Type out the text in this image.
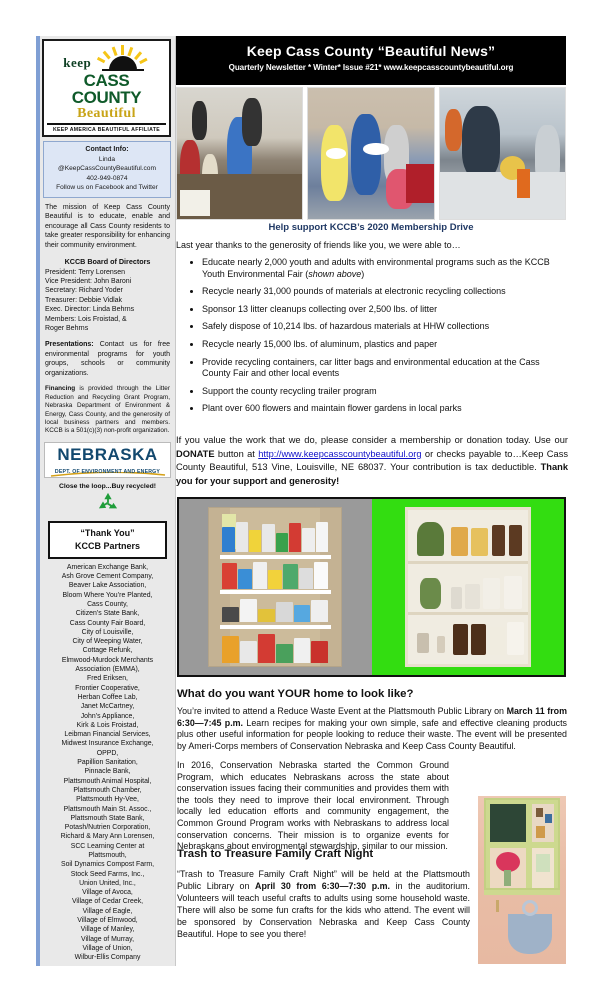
keep
CASS COUNTY
Beautiful
KEEP AMERICA BEAUTIFUL AFFILIATE
Contact Info:
Linda
@KeepCassCountyBeautiful.com
402-949-0874
Follow us on Facebook and Twitter
The mission of Keep Cass County Beautiful is to educate, enable and encourage all Cass County residents to take greater responsibility for enhancing their community environment.
KCCB Board of Directors
President: Terry Lorensen
Vice President: John Baroni
Secretary: Richard Yoder
Treasurer: Debbie Vidlak
Exec. Director: Linda Behrns
Members: Lois Froistad, &
Roger Behrns
Presentations: Contact us for free environmental programs for youth groups, schools or community organizations.
Financing is provided through the Litter Reduction and Recycling Grant Program, Nebraska Department of Environment & Energy, Cass County, and the generosity of local business partners and members. KCCB is a 501(c)(3) non-profit organization.
NEBRASKA
DEPT. OF ENVIRONMENT AND ENERGY
Close the loop...Buy recycled!
“Thank You”
KCCB Partners
American Exchange Bank,
Ash Grove Cement Company,
Beaver Lake Association,
Bloom Where You’re Planted,
Cass County,
Citizen’s State Bank,
Cass County Fair Board,
City of Louisville,
City of Weeping Water,
Cottage Refunk,
Elmwood-Murdock Merchants
Association (EMMA),
Fred Eriksen,
Frontier Cooperative,
Herban Coffee Lab,
Janet McCartney,
John’s Appliance,
Kirk & Lois Froistad,
Leibman Financial Services,
Midwest Insurance Exchange,
OPPD,
Papillion Sanitation,
Pinnacle Bank,
Plattsmouth Animal Hospital,
Plattsmouth Chamber,
Plattsmouth Hy-Vee,
Plattsmouth Main St. Assoc.,
Plattsmouth State Bank,
Potash/Nutrien Corporation,
Richard & Mary Ann Lorensen,
SCC Learning Center at
Plattsmouth,
Soil Dynamics Compost Farm,
Stock Seed Farms, Inc.,
Union United, Inc.,
Village of Avoca,
Village of Cedar Creek,
Village of Eagle,
Village of Elmwood,
Village of Manley,
Village of Murray,
Village of Union,
Wilbur-Ellis Company
Keep Cass County “Beautiful News”
Quarterly Newsletter * Winter* Issue #21* www.keepcasscountybeautiful.org
Help support KCCB’s 2020 Membership Drive
Last year thanks to the generosity of friends like you, we were able to…
• Educate nearly 2,000 youth and adults with environmental programs such as the KCCB Youth Environmental Fair (shown above)
• Recycle nearly 31,000 pounds of materials at electronic recycling collections
• Sponsor 13 litter cleanups collecting over 2,500 lbs. of litter
• Safely dispose of 10,214 lbs. of hazardous materials at HHW collections
• Recycle nearly 15,000 lbs. of aluminum, plastics and paper
• Provide recycling containers, car litter bags and environmental education at the Cass County Fair and other local events
• Support the county recycling trailer program
• Plant over 600 flowers and maintain flower gardens in local parks
If you value the work that we do, please consider a membership or donation today. Use our DONATE button at http://www.keepcasscountybeautiful.org or checks payable to…Keep Cass County Beautiful, 513 Vine, Louisville, NE 68037. Your contribution is tax deductible. Thank you for your support and generosity!
What do you want YOUR home to look like?
You’re invited to attend a Reduce Waste Event at the Plattsmouth Public Library on March 11 from 6:30—7:45 p.m. Learn recipes for making your own simple, safe and effective cleaning products plus other useful information for people looking to reduce their waste. The event will be presented by Ameri-Corps members of Conservation Nebraska and Keep Cass County Beautiful.
In 2016, Conservation Nebraska started the Common Ground Program, which educates Nebraskans across the state about conservation issues facing their communities and provides them with the tools they need to improve their local environment. Through locally led education efforts and community engagement, the Common Ground Program works with Nebraskans to address local conservation concerns. Their mission is to organize events for Nebraskans about environmental stewardship, similar to our mission.
Trash to Treasure Family Craft Night
“Trash to Treasure Family Craft Night” will be held at the Plattsmouth Public Library on April 30 from 6:30—7:30 p.m. in the auditorium. Volunteers will teach useful crafts to adults using some household waste. There will also be some fun crafts for the kids who attend. The event will be sponsored by Conservation Nebraska and Keep Cass County Beautiful. Hope to see you there!
